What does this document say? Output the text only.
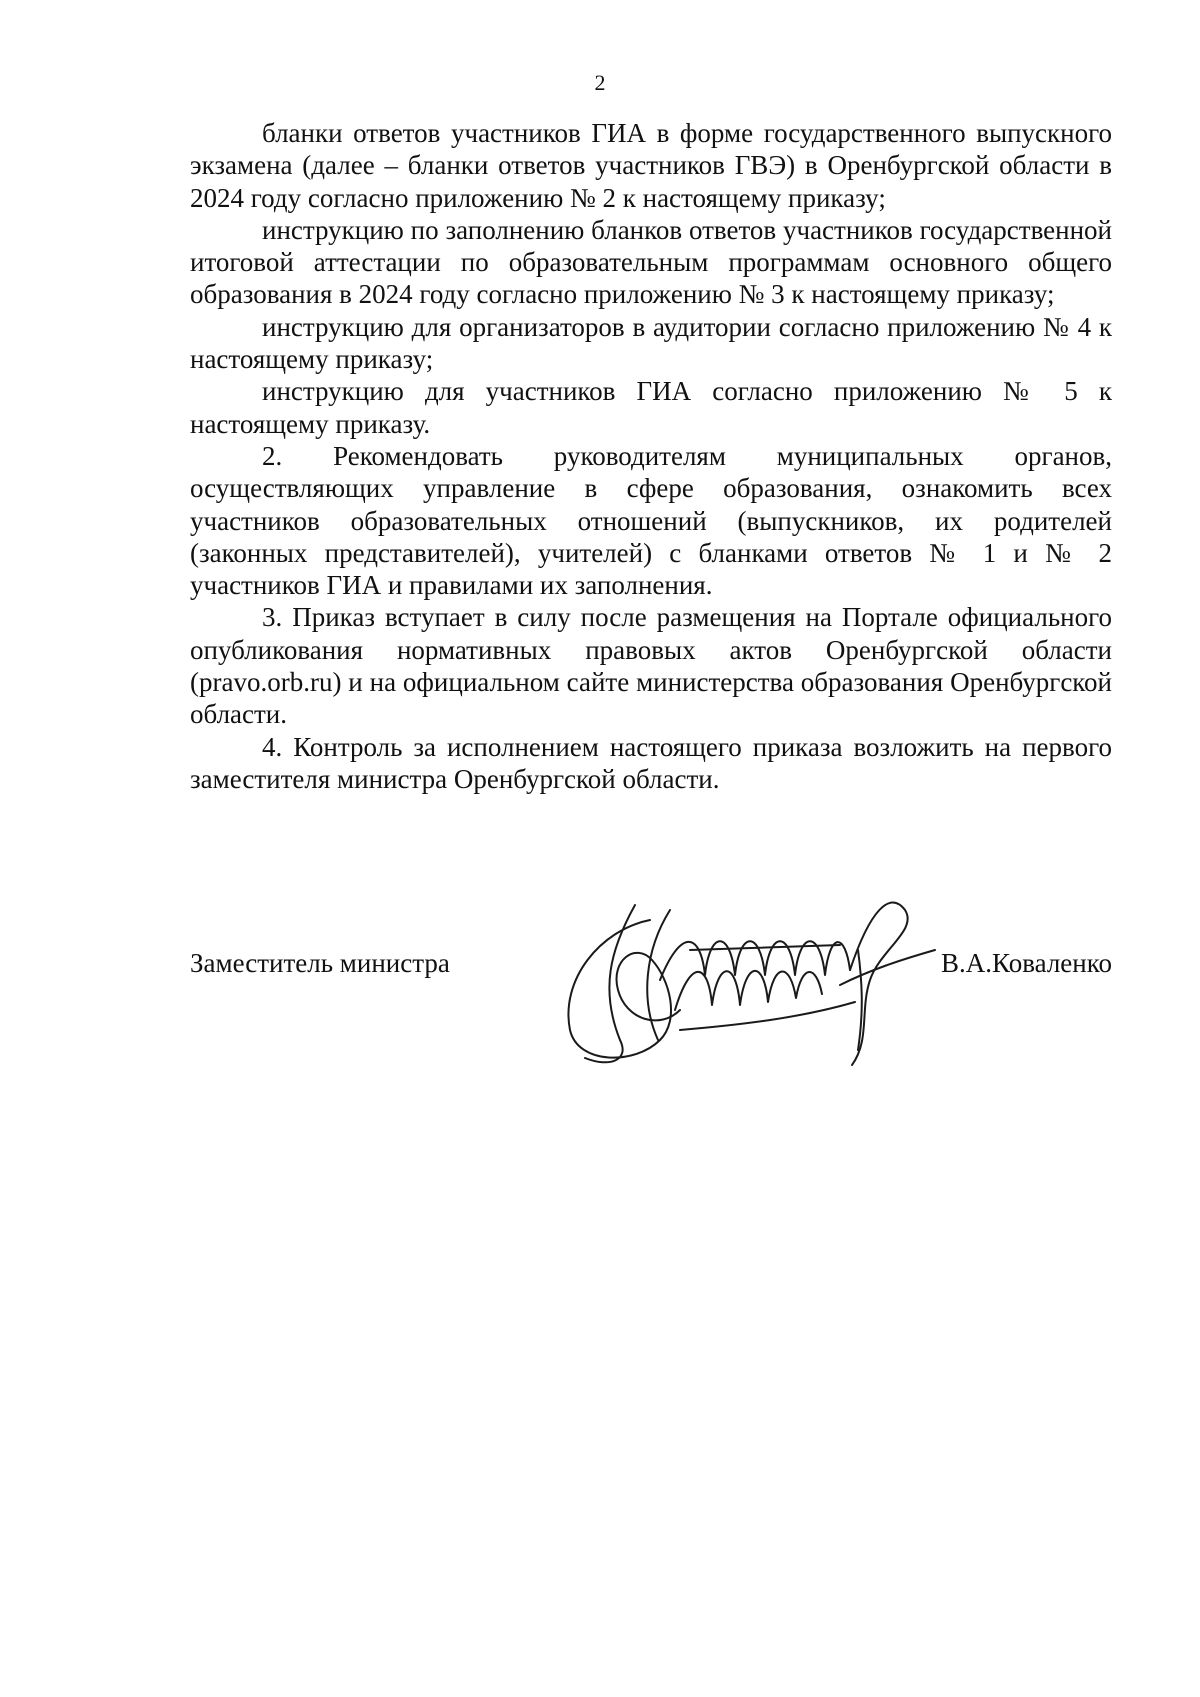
2

бланки ответов участников ГИА в форме государственного выпускного экзамена (далее – бланки ответов участников ГВЭ) в Оренбургской области в 2024 году согласно приложению № 2 к настоящему приказу;

инструкцию по заполнению бланков ответов участников государственной итоговой аттестации по образовательным программам основного общего образования в 2024 году согласно приложению № 3 к настоящему приказу;

инструкцию для организаторов в аудитории согласно приложению № 4 к настоящему приказу;

инструкцию для участников ГИА согласно приложению № 5 к настоящему приказу.

2. Рекомендовать руководителям муниципальных органов, осуществляющих управление в сфере образования, ознакомить всех участников образовательных отношений (выпускников, их родителей (законных представителей), учителей) с бланками ответов № 1 и № 2 участников ГИА и правилами их заполнения.

3. Приказ вступает в силу после размещения на Портале официального опубликования нормативных правовых актов Оренбургской области (pravo.orb.ru) и на официальном сайте министерства образования Оренбургской области.

4. Контроль за исполнением настоящего приказа возложить на первого заместителя министра Оренбургской области.

Заместитель министра	В.А.Коваленко
